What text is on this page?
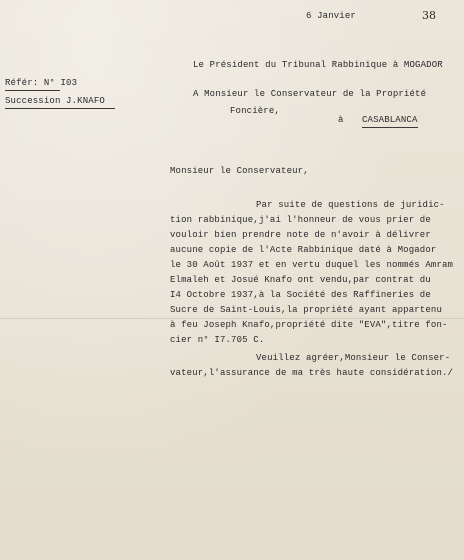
6 Janvier	38
Le Président du Tribunal Rabbinique à MOGADOR
Référ: N° I03
Succession J.KNAFO
A Monsieur le Conservateur de la Propriété
Foncière,
à CASABLANCA
Monsieur le Conservateur,
Par suite de questions de juridic-
tion rabbinique,j'ai l'honneur de vous prier de
vouloir bien prendre note de n'avoir à délivrer
aucune copie de l'Acte Rabbinique daté à Mogador
le 30 Août 1937 et en vertu duquel les nommés Amram
Elmaleh et Josué Knafo ont vendu,par contrat du
I4 Octobre 1937,à la Société des Raffineries de
Sucre de Saint-Louis,la propriété ayant appartenu
à feu Joseph Knafo,propriété dite "EVA",titre fon-
cier n° I7.705 C.
Veuillez agréer,Monsieur le Conser-
vateur,l'assurance de ma très haute considération./
